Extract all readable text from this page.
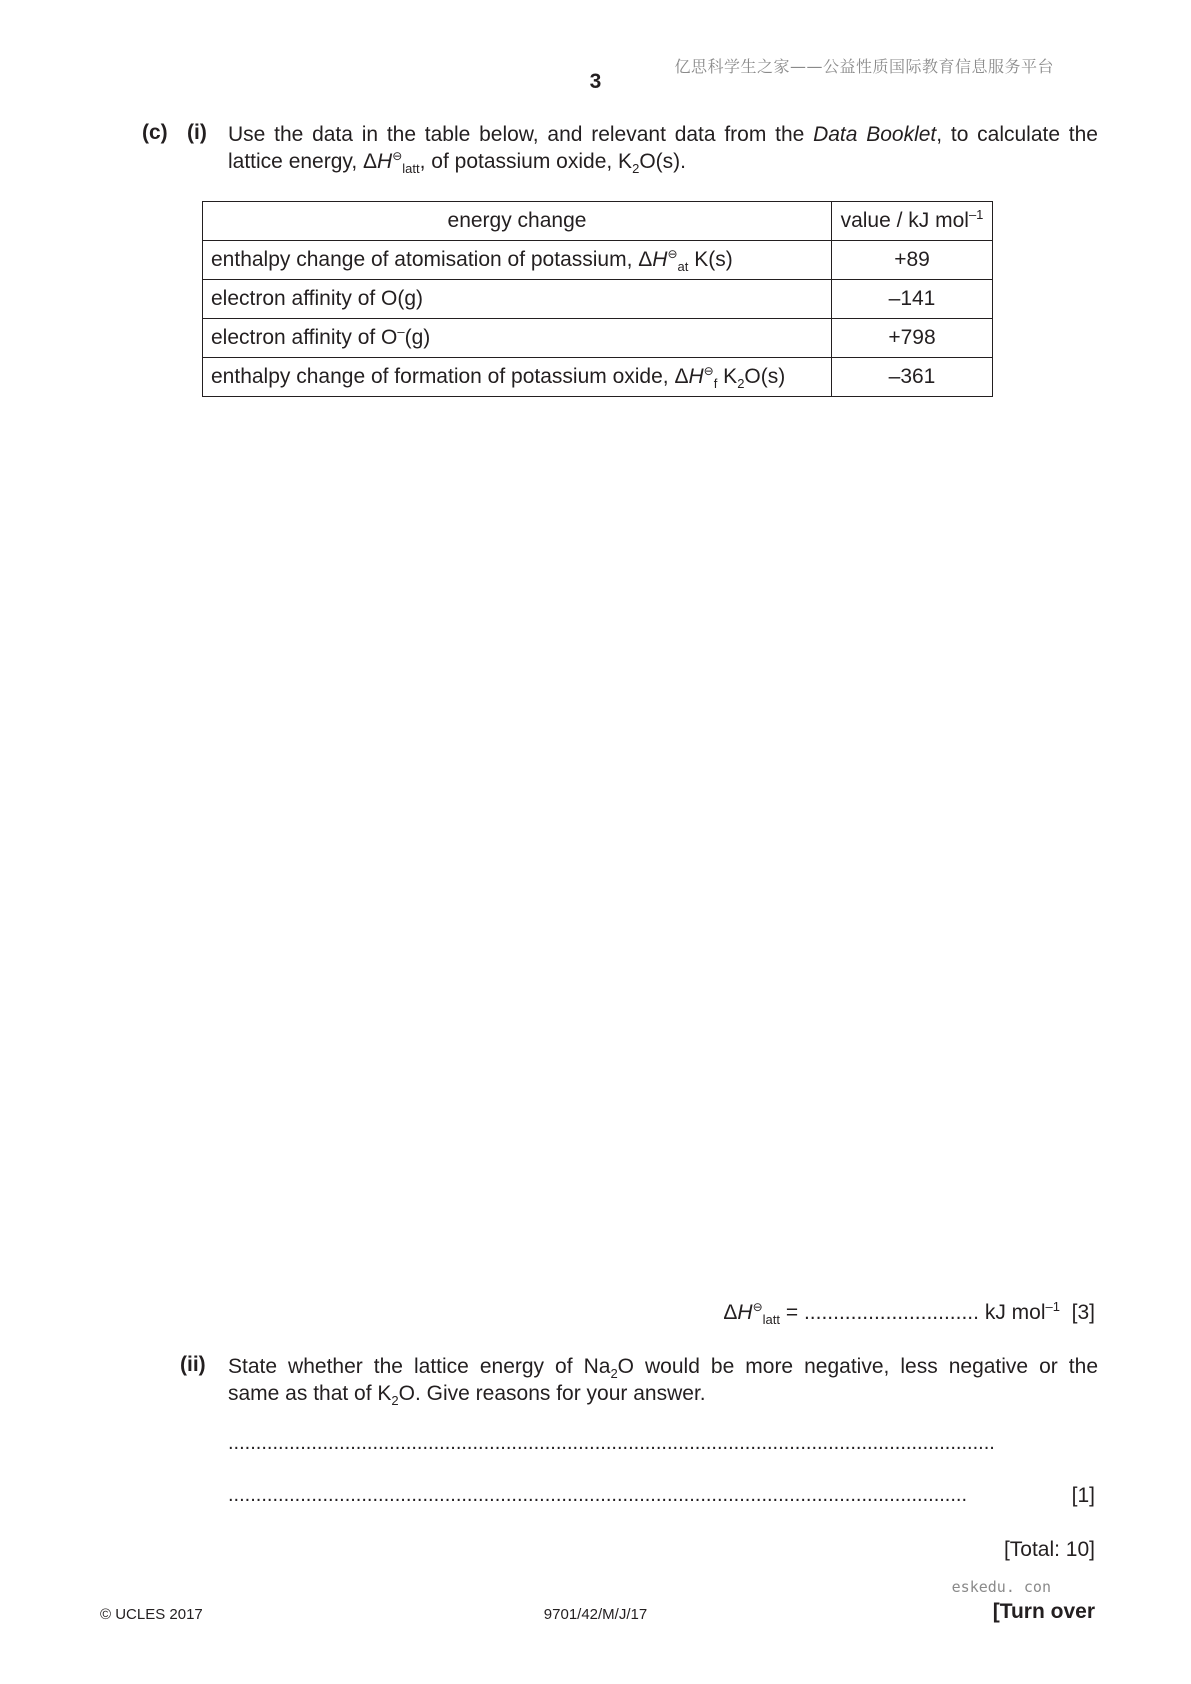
亿思科学生之家——公益性质国际教育信息服务平台
3
(c) (i) Use the data in the table below, and relevant data from the Data Booklet, to calculate the
lattice energy, $\Delta H^⊖_{latt}$, of potassium oxide, $K_2O(s)$.
energy change	value / kJ mol$^{-1}$
enthalpy change of atomisation of potassium, $\Delta H^⊖_{at}$ K(s)	+89
electron affinity of O(g)	–141
electron affinity of O–(g)	+798
enthalpy change of formation of potassium oxide, $\Delta H^⊖_f$ $K_2O(s)$	–361
$\Delta H^⊖_{latt}$ = .............................. kJ mol$^{-1}$ [3]
(ii) State whether the lattice energy of $Na_2O$ would be more negative, less negative or the
same as that of $K_2O$. Give reasons for your answer.
..........................................................................................................................................
.....................................................................................................................................	[1]
[Total: 10]
eskedu. con
© UCLES 2017	9701/42/M/J/17	[Turn over
